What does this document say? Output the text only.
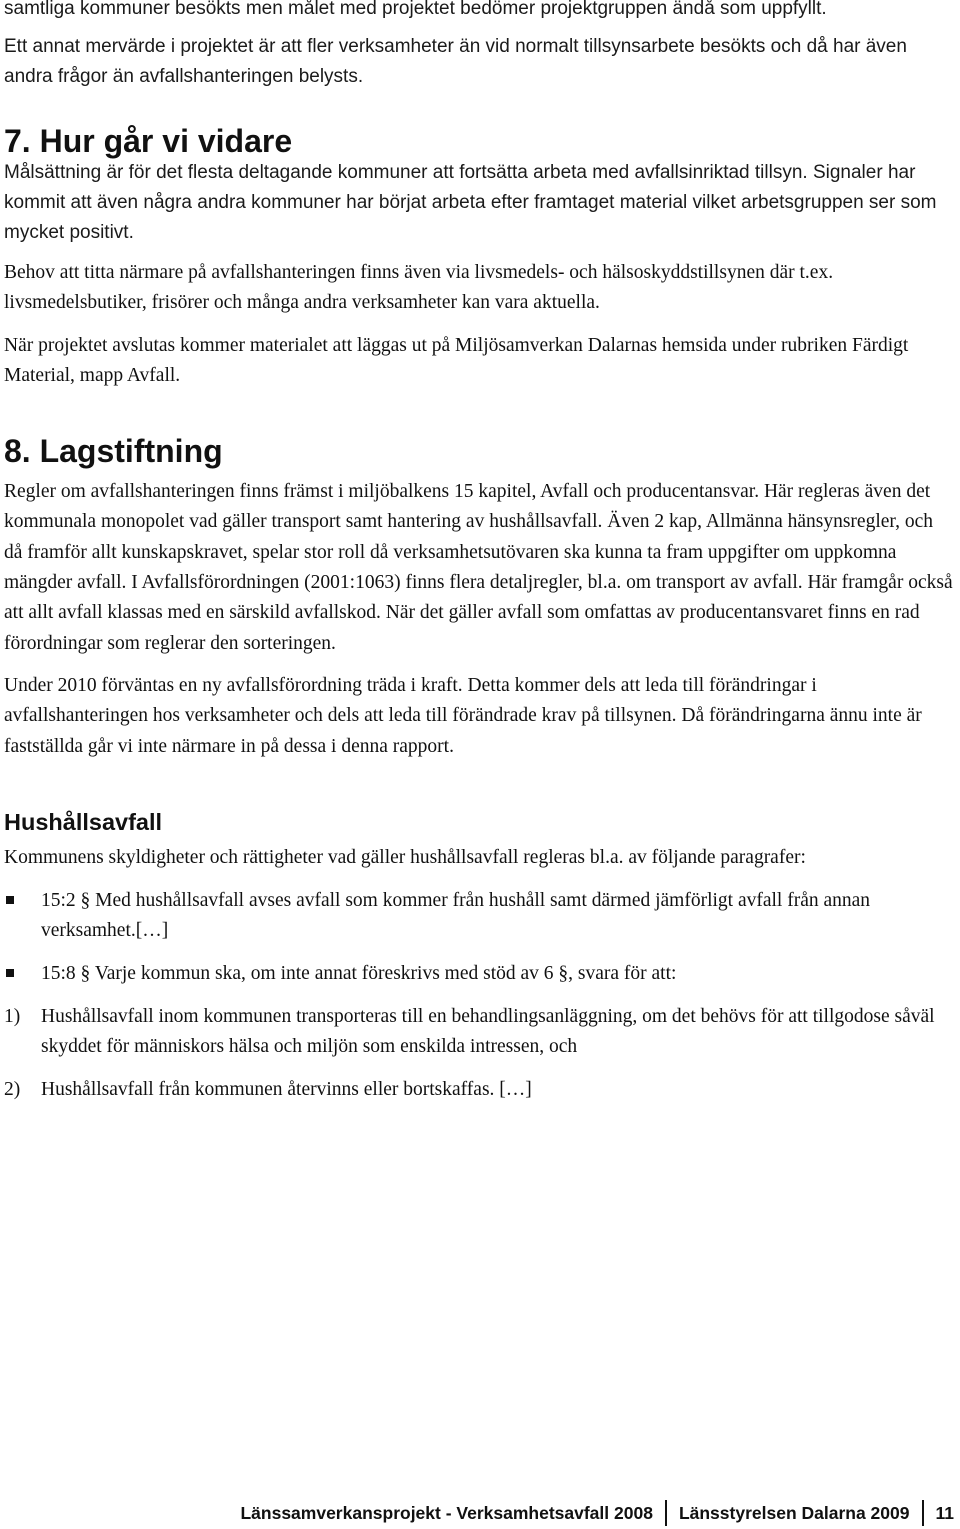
samtliga kommuner besökts men målet med projektet bedömer projektgruppen ändå som uppfyllt.

Ett annat mervärde i projektet är att fler verksamheter än vid normalt tillsynsarbete besökts och då har även andra frågor än avfallshanteringen belysts.

7. Hur går vi vidare

Målsättning är för det flesta deltagande kommuner att fortsätta arbeta med avfallsinriktad tillsyn. Signaler har kommit att även några andra kommuner har börjat arbeta efter framtaget material vilket arbetsgruppen ser som mycket positivt.

Behov att titta närmare på avfallshanteringen finns även via livsmedels- och hälsoskyddstillsynen där t.ex. livsmedelsbutiker, frisörer och många andra verksamheter kan vara aktuella.

När projektet avslutas kommer materialet att läggas ut på Miljösamverkan Dalarnas hemsida under rubriken Färdigt Material, mapp Avfall.

8. Lagstiftning

Regler om avfallshanteringen finns främst i miljöbalkens 15 kapitel, Avfall och producentansvar. Här regleras även det kommunala monopolet vad gäller transport samt hantering av hushållsavfall. Även 2 kap, Allmänna hänsynsregler, och då framför allt kunskapskravet, spelar stor roll då verksamhetsutövaren ska kunna ta fram uppgifter om uppkomna mängder avfall. I Avfallsförordningen (2001:1063) finns flera detaljregler, bl.a. om transport av avfall. Här framgår också att allt avfall klassas med en särskild avfallskod. När det gäller avfall som omfattas av producentansvaret finns en rad förordningar som reglerar den sorteringen.

Under 2010 förväntas en ny avfallsförordning träda i kraft. Detta kommer dels att leda till förändringar i avfallshanteringen hos verksamheter och dels att leda till förändrade krav på tillsynen. Då förändringarna ännu inte är fastställda går vi inte närmare in på dessa i denna rapport.

Hushållsavfall

Kommunens skyldigheter och rättigheter vad gäller hushållsavfall regleras bl.a. av följande paragrafer:

15:2 § Med hushållsavfall avses avfall som kommer från hushåll samt därmed jämförligt avfall från annan verksamhet.[…]
15:8 § Varje kommun ska, om inte annat föreskrivs med stöd av 6 §, svara för att:
1) Hushållsavfall inom kommunen transporteras till en behandlingsanläggning, om det behövs för att tillgodose såväl skyddet för människors hälsa och miljön som enskilda intressen, och
2) Hushållsavfall från kommunen återvinns eller bortskaffas. […]
Länssamverkansprojekt - Verksamhetsavfall 2008 Länsstyrelsen Dalarna 2009 11
